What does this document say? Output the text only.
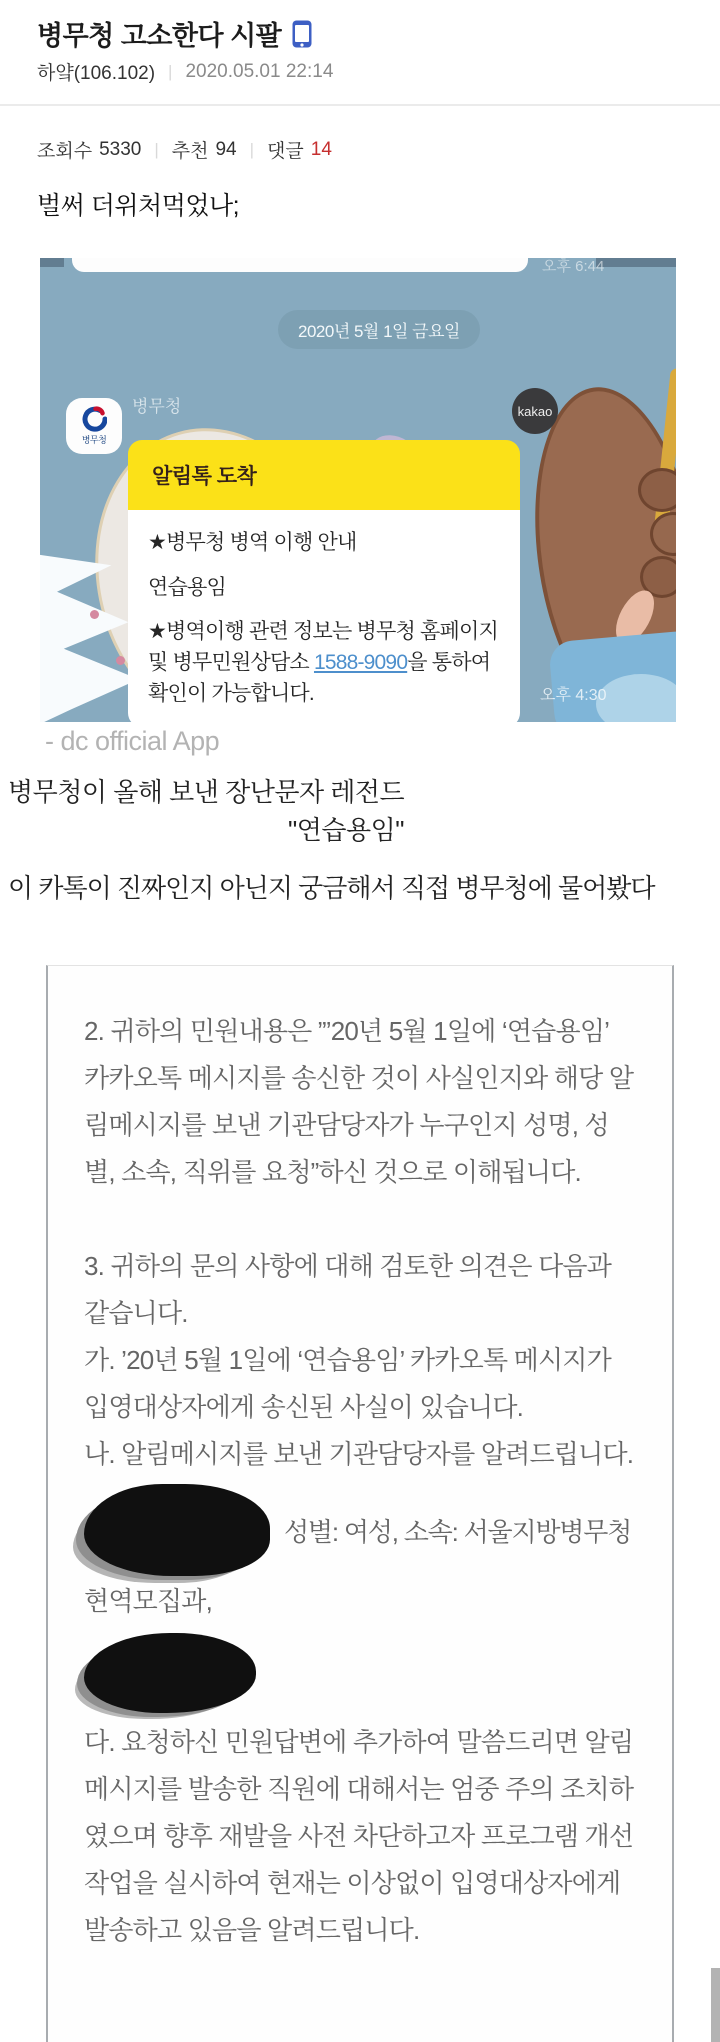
병무청 고소한다 시팔
하얔(106.102) | 2020.05.01 22:14
조회수 5330 | 추천 94 | 댓글 14
벌써 더위처먹었나;
오후 6:44
2020년 5월 1일 금요일
병무청
병무청	kakao
알림톡 도착
★병무청 병역 이행 안내
연습용임
★병역이행 관련 정보는 병무청 홈페이지 및 병무민원상담소 1588-9090을 통하여 확인이 가능합니다.	오후 4:30
- dc official App
병무청이 올해 보낸 장난문자 레전드
"연습용임"
이 카톡이 진짜인지 아닌지 궁금해서 직접 병무청에 물어봤다

2. 귀하의 민원내용은 ”’20년 5월 1일에 ‘연습용임’ 카카오톡 메시지를 송신한 것이 사실인지와 해당 알림메시지를 보낸 기관담당자가 누구인지 성명, 성별, 소속, 직위를 요청”하신 것으로 이해됩니다.

3. 귀하의 문의 사항에 대해 검토한 의견은 다음과 같습니다.

가. ’20년 5월 1일에 ‘연습용임’ 카카오톡 메시지가 입영대상자에게 송신된 사실이 있습니다.

나. 알림메시지를 보낸 기관담당자를 알려드립니다.

성별: 여성, 소속: 서울지방병무청

현역모집과,

다. 요청하신 민원답변에 추가하여 말씀드리면 알림메시지를 발송한 직원에 대해서는 엄중 주의 조치하였으며 향후 재발을 사전 차단하고자 프로그램 개선작업을 실시하여 현재는 이상없이 입영대상자에게 발송하고 있음을 알려드립니다.
